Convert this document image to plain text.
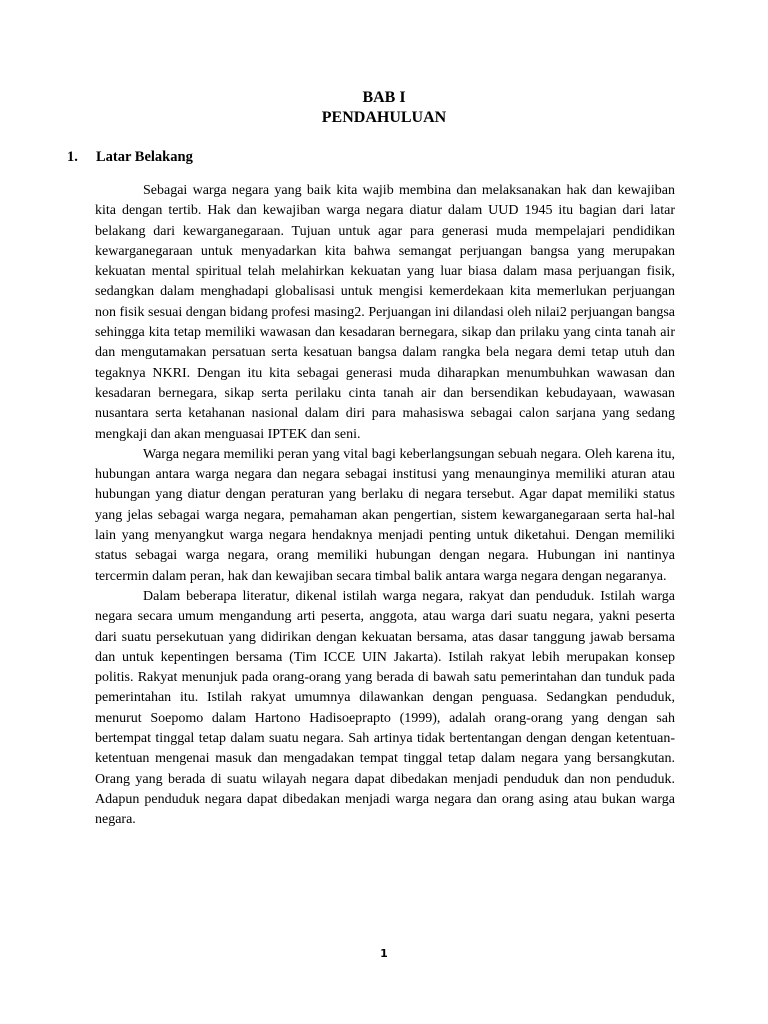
BAB I
PENDAHULUAN
1. Latar Belakang

Sebagai warga negara yang baik kita wajib membina dan melaksanakan hak dan kewajiban kita dengan tertib. Hak dan kewajiban warga negara diatur dalam UUD 1945 itu bagian dari latar belakang dari kewarganegaraan. Tujuan untuk agar para generasi muda mempelajari pendidikan kewarganegaraan untuk menyadarkan kita bahwa semangat perjuangan bangsa yang merupakan kekuatan mental spiritual telah melahirkan kekuatan yang luar biasa dalam masa perjuangan fisik, sedangkan dalam menghadapi globalisasi untuk mengisi kemerdekaan kita memerlukan perjuangan non fisik sesuai dengan bidang profesi masing2. Perjuangan ini dilandasi oleh nilai2 perjuangan bangsa sehingga kita tetap memiliki wawasan dan kesadaran bernegara, sikap dan prilaku yang cinta tanah air dan mengutamakan persatuan serta kesatuan bangsa dalam rangka bela negara demi tetap utuh dan tegaknya NKRI. Dengan itu kita sebagai generasi muda diharapkan menumbuhkan wawasan dan kesadaran bernegara, sikap serta perilaku cinta tanah air dan bersendikan kebudayaan, wawasan nusantara serta ketahanan nasional dalam diri para mahasiswa sebagai calon sarjana yang sedang mengkaji dan akan menguasai IPTEK dan seni.

Warga negara memiliki peran yang vital bagi keberlangsungan sebuah negara. Oleh karena itu, hubungan antara warga negara dan negara sebagai institusi yang menaunginya memiliki aturan atau hubungan yang diatur dengan peraturan yang berlaku di negara tersebut. Agar dapat memiliki status yang jelas sebagai warga negara, pemahaman akan pengertian, sistem kewarganegaraan serta hal-hal lain yang menyangkut warga negara hendaknya menjadi penting untuk diketahui. Dengan memiliki status sebagai warga negara, orang memiliki hubungan dengan negara. Hubungan ini nantinya tercermin dalam peran, hak dan kewajiban secara timbal balik antara warga negara dengan negaranya.

Dalam beberapa literatur, dikenal istilah warga negara, rakyat dan penduduk. Istilah warga negara secara umum mengandung arti peserta, anggota, atau warga dari suatu negara, yakni peserta dari suatu persekutuan yang didirikan dengan kekuatan bersama, atas dasar tanggung jawab bersama dan untuk kepentingen bersama (Tim ICCE UIN Jakarta). Istilah rakyat lebih merupakan konsep politis. Rakyat menunjuk pada orang-orang yang berada di bawah satu pemerintahan dan tunduk pada pemerintahan itu. Istilah rakyat umumnya dilawankan dengan penguasa. Sedangkan penduduk, menurut Soepomo dalam Hartono Hadisoeprapto (1999), adalah orang-orang yang dengan sah bertempat tinggal tetap dalam suatu negara. Sah artinya tidak bertentangan dengan dengan ketentuan-ketentuan mengenai masuk dan mengadakan tempat tinggal tetap dalam negara yang bersangkutan. Orang yang berada di suatu wilayah negara dapat dibedakan menjadi penduduk dan non penduduk. Adapun penduduk negara dapat dibedakan menjadi warga negara dan orang asing atau bukan warga negara.

1
